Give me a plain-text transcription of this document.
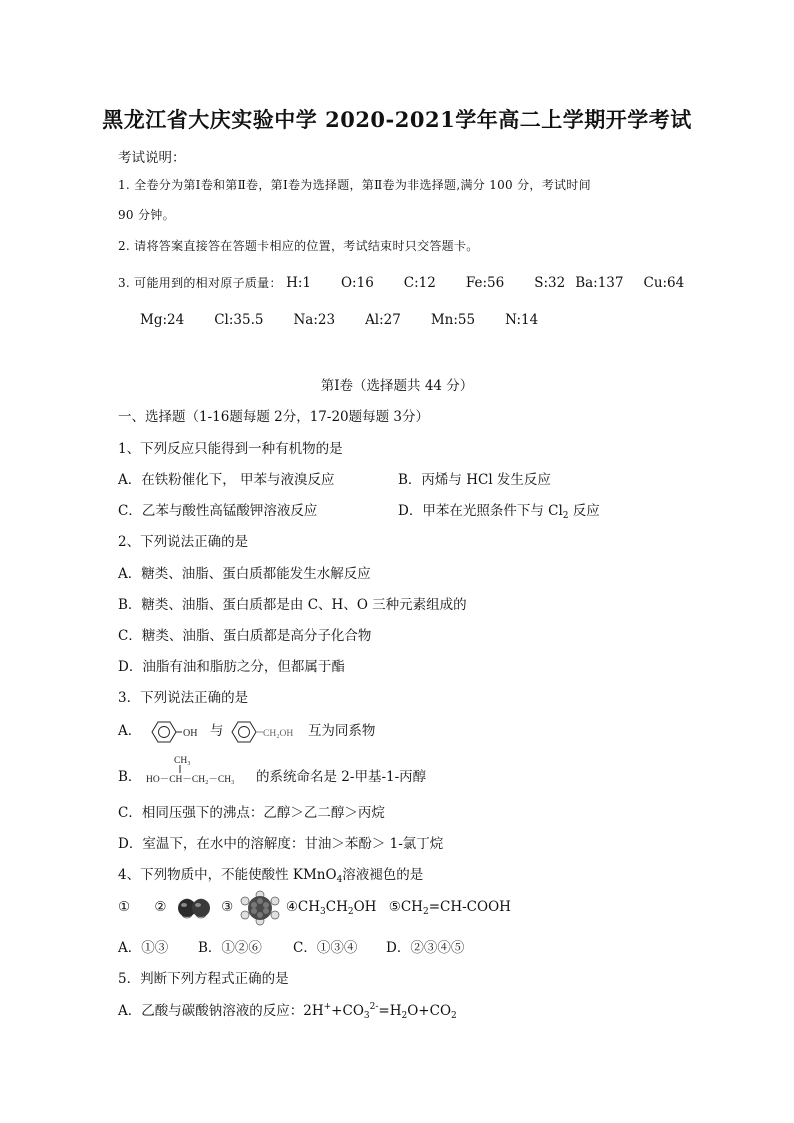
黑龙江省大庆实验中学 2020-2021学年高二上学期开学考试
考试说明：
1. 全卷分为第Ⅰ卷和第Ⅱ卷，第Ⅰ卷为选择题，第Ⅱ卷为非选择题,满分 100 分，考试时间
90 分钟。
2. 请将答案直接答在答题卡相应的位置，考试结束时只交答题卡。
3. 可能用到的相对原子质量： H:1 O:16 C:12 Fe:56 S:32 Ba:137 Cu:64
Mg:24 Cl:35.5 Na:23 Al:27 Mn:55 N:14
第Ⅰ卷（选择题共 44 分）
一、选择题（1-16题每题 2分，17-20题每题 3分）
1、下列反应只能得到一种有机物的是
A．在铁粉催化下， 甲苯与液溴反应	B．丙烯与 HCl 发生反应
C．乙苯与酸性高锰酸钾溶液反应	D．甲苯在光照条件下与 $Cl_2$ 反应
2、下列说法正确的是
A．糖类、油脂、蛋白质都能发生水解反应
B．糖类、油脂、蛋白质都是由 C、H、O 三种元素组成的
C．糖类、油脂、蛋白质都是高分子化合物
D．油脂有油和脂肪之分，但都属于酯
3．下列说法正确的是
A．	OH 与	CH₂OH 互为同系物
B．
CH₃
HO－CH－CH₂－CH₃ 的系统命名是 2-甲基-1-丙醇
C．相同压强下的沸点：乙醇＞乙二醇＞丙烷
D．室温下，在水中的溶解度：甘油＞苯酚＞ 1-氯丁烷
4、下列物质中，不能使酸性 KMnO$_4$溶液褪色的是
① ②	③	$④CH_3CH_2OH$ $⑤CH_2=CH$-COOH
A．①③ B．①②⑥ C．①③④ D．②③④⑤
5．判断下列方程式正确的是
A．乙酸与碳酸钠溶液的反应：$2H^++CO_3^{2-}=H_2O+CO_2$
